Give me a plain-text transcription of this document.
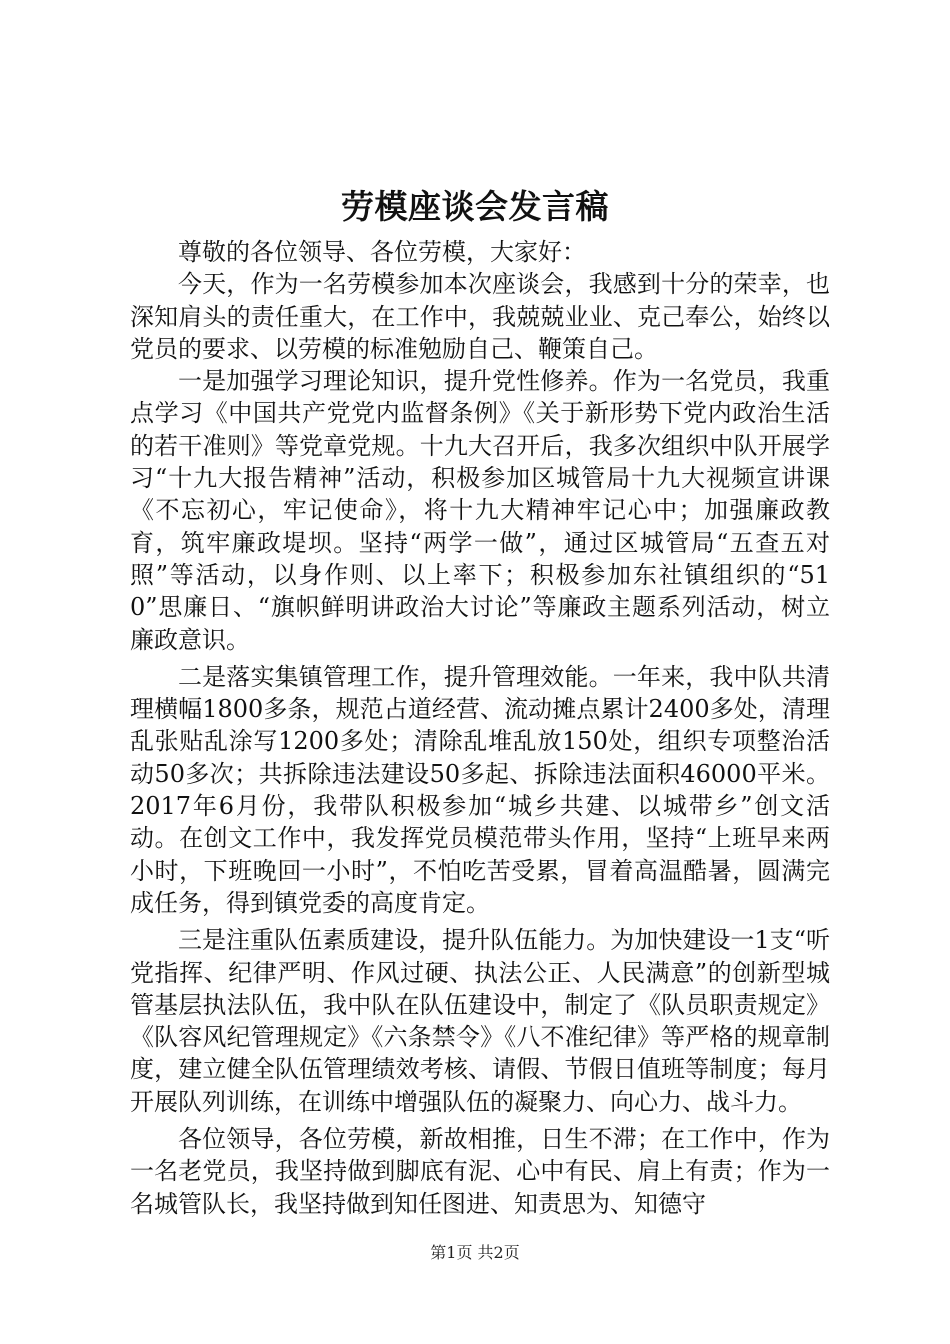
劳模座谈会发言稿

尊敬的各位领导、各位劳模，大家好：

今天，作为一名劳模参加本次座谈会，我感到十分的荣幸，也深知肩头的责任重大，在工作中，我兢兢业业、克己奉公，始终以党员的要求、以劳模的标准勉励自己、鞭策自己。

一是加强学习理论知识，提升党性修养。作为一名党员，我重点学习《中国共产党党内监督条例》《关于新形势下党内政治生活的若干准则》等党章党规。十九大召开后，我多次组织中队开展学习“十九大报告精神”活动，积极参加区城管局十九大视频宣讲课《不忘初心，牢记使命》，将十九大精神牢记心中；加强廉政教育，筑牢廉政堤坝。坚持“两学一做”，通过区城管局“五查五对照”等活动，以身作则、以上率下；积极参加东社镇组织的“510”思廉日、“旗帜鲜明讲政治大讨论”等廉政主题系列活动，树立廉政意识。

二是落实集镇管理工作，提升管理效能。一年来，我中队共清理横幅1800多条，规范占道经营、流动摊点累计2400多处，清理乱张贴乱涂写1200多处；清除乱堆乱放150处，组织专项整治活动50多次；共拆除违法建设50多起、拆除违法面积46000平米。2017年6月份，我带队积极参加“城乡共建、以城带乡”创文活动。在创文工作中，我发挥党员模范带头作用，坚持“上班早来两小时，下班晚回一小时”，不怕吃苦受累，冒着高温酷暑，圆满完成任务，得到镇党委的高度肯定。

三是注重队伍素质建设，提升队伍能力。为加快建设一1支“听党指挥、纪律严明、作风过硬、执法公正、人民满意”的创新型城管基层执法队伍，我中队在队伍建设中，制定了《队员职责规定》《队容风纪管理规定》《六条禁令》《八不准纪律》等严格的规章制度，建立健全队伍管理绩效考核、请假、节假日值班等制度；每月开展队列训练，在训练中增强队伍的凝聚力、向心力、战斗力。

各位领导，各位劳模，新故相推，日生不滞；在工作中，作为一名老党员，我坚持做到脚底有泥、心中有民、肩上有责；作为一名城管队长，我坚持做到知任图进、知责思为、知德守

第1页 共2页
